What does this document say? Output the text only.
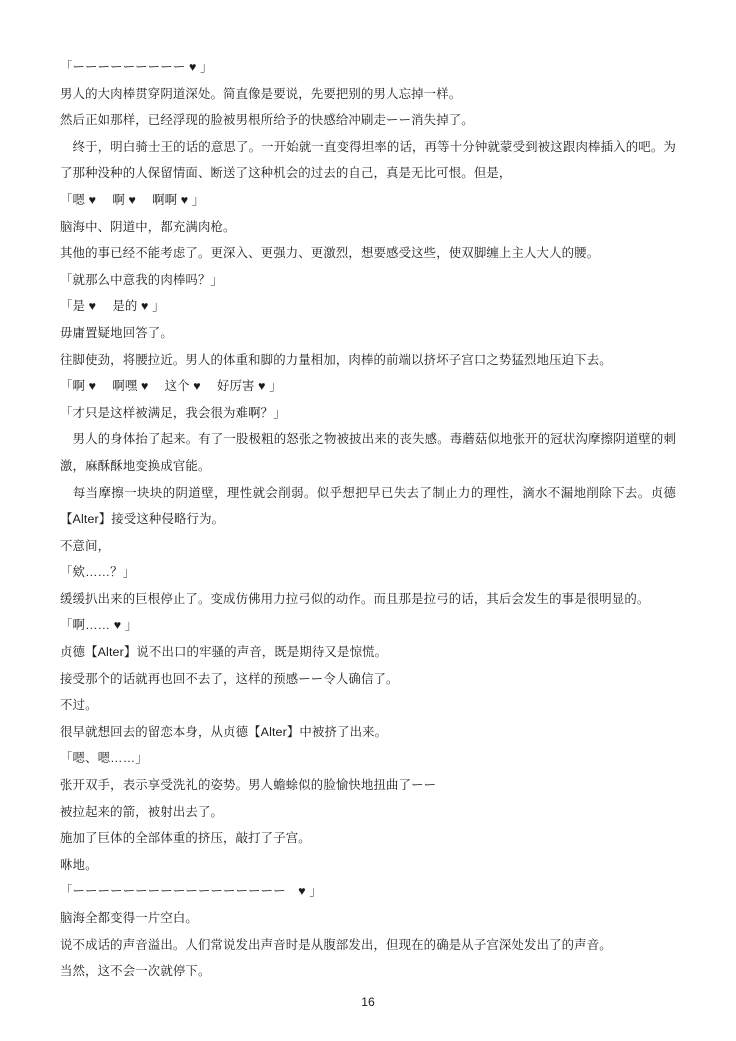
「ーーーーーーーーー ♥ 」

男人的大肉棒贯穿阴道深处。简直像是要说，先要把别的男人忘掉一样。

然后正如那样，已经浮现的脸被男根所给予的快感给冲刷走ーー消失掉了。

　终于，明白骑士王的话的意思了。一开始就一直变得坦率的话，再等十分钟就蒙受到被这跟肉棒插入的吧。为了那种没种的人保留情面、断送了这种机会的过去的自己，真是无比可恨。但是，

「嗯 ♥ 　啊 ♥ 　啊啊 ♥ 」

脑海中、阴道中，都充满肉枪。

其他的事已经不能考虑了。更深入、更强力、更激烈，想要感受这些，使双脚缠上主人大人的腰。

「就那么中意我的肉棒吗？」

「是 ♥ 　是的 ♥ 」

毋庸置疑地回答了。

往脚使劲，将腰拉近。男人的体重和脚的力量相加，肉棒的前端以挤坏子宫口之势猛烈地压迫下去。

「啊 ♥ 　啊嘿 ♥ 　这个 ♥ 　好厉害 ♥ 」

「才只是这样被满足，我会很为难啊？」

　男人的身体抬了起来。有了一股极粗的怒张之物被披出来的丧失感。毒蘑菇似地张开的冠状沟摩擦阴道壁的刺激，麻酥酥地变换成官能。

　每当摩擦一块块的阴道壁，理性就会削弱。似乎想把早已失去了制止力的理性，滴水不漏地削除下去。贞德【Alter】接受这种侵略行为。

不意间，

「欸……？」

缓缓扒出来的巨根停止了。变成仿佛用力拉弓似的动作。而且那是拉弓的话，其后会发生的事是很明显的。

「啊…… ♥ 」

贞德【Alter】说不出口的牢骚的声音，既是期待又是惊慌。

接受那个的话就再也回不去了，这样的预感ーー令人确信了。

不过。

很早就想回去的留恋本身，从贞德【Alter】中被挤了出来。

「嗯、嗯……」

张开双手，表示享受洗礼的姿势。男人蟾蜍似的脸愉快地扭曲了ーー

被拉起来的箭，被射出去了。

施加了巨体的全部体重的挤压，敲打了子宫。

咻地。

「ーーーーーーーーーーーーーーーーー　♥ 」

脑海全都变得一片空白。

说不成话的声音溢出。人们常说发出声音时是从腹部发出，但现在的确是从子宫深处发出了的声音。

当然，这不会一次就停下。

16
